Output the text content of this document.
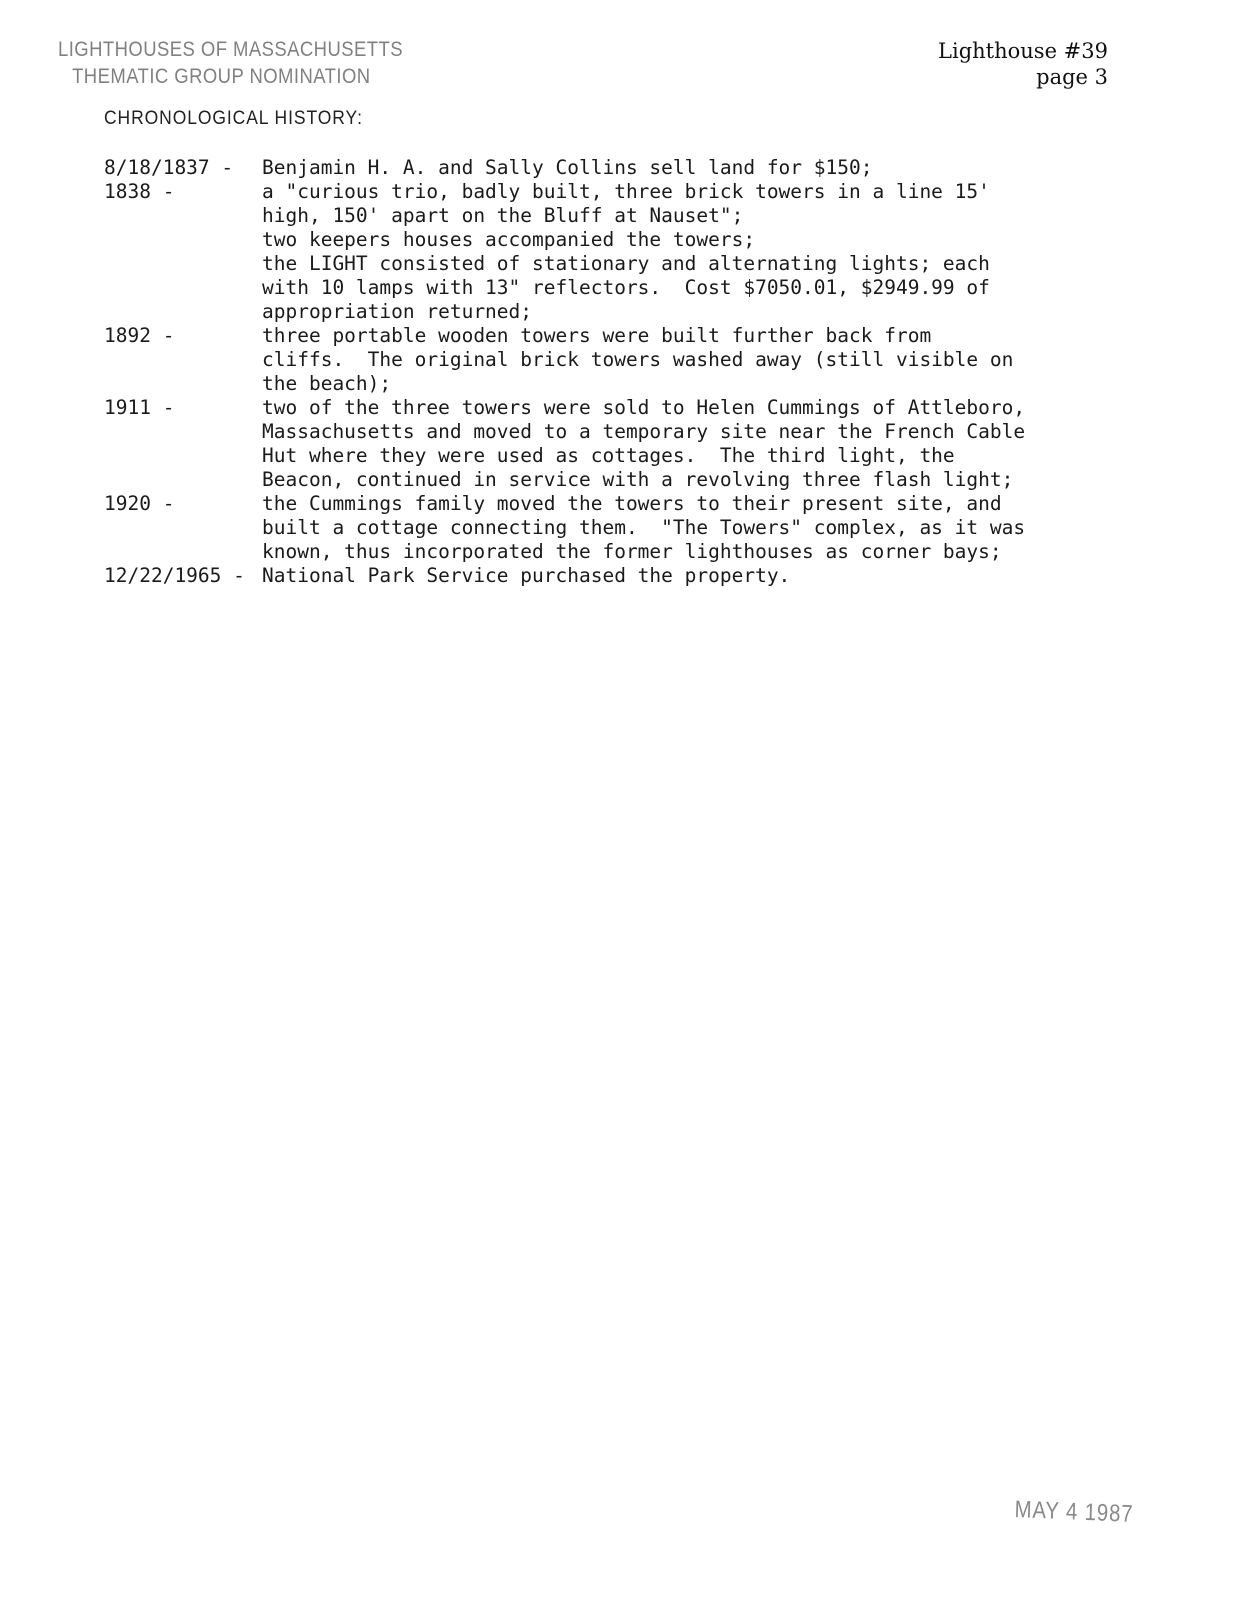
LIGHTHOUSES OF MASSACHUSETTS
THEMATIC GROUP NOMINATION
Lighthouse #39
page 3
CHRONOLOGICAL HISTORY:
8/18/1837 -	Benjamin H. A. and Sally Collins sell land for $150;
1838 -	a "curious trio, badly built, three brick towers in a line 15'
high, 150' apart on the Bluff at Nauset";
two keepers houses accompanied the towers;
the LIGHT consisted of stationary and alternating lights; each
with 10 lamps with 13" reflectors.  Cost $7050.01, $2949.99 of
appropriation returned;
1892 -	three portable wooden towers were built further back from
cliffs.  The original brick towers washed away (still visible on
the beach);
1911 -	two of the three towers were sold to Helen Cummings of Attleboro,
Massachusetts and moved to a temporary site near the French Cable
Hut where they were used as cottages.  The third light, the
Beacon, continued in service with a revolving three flash light;
1920 -	the Cummings family moved the towers to their present site, and
built a cottage connecting them.  "The Towers" complex, as it was
known, thus incorporated the former lighthouses as corner bays;
12/22/1965 - National Park Service purchased the property.
MAY 4 1987
